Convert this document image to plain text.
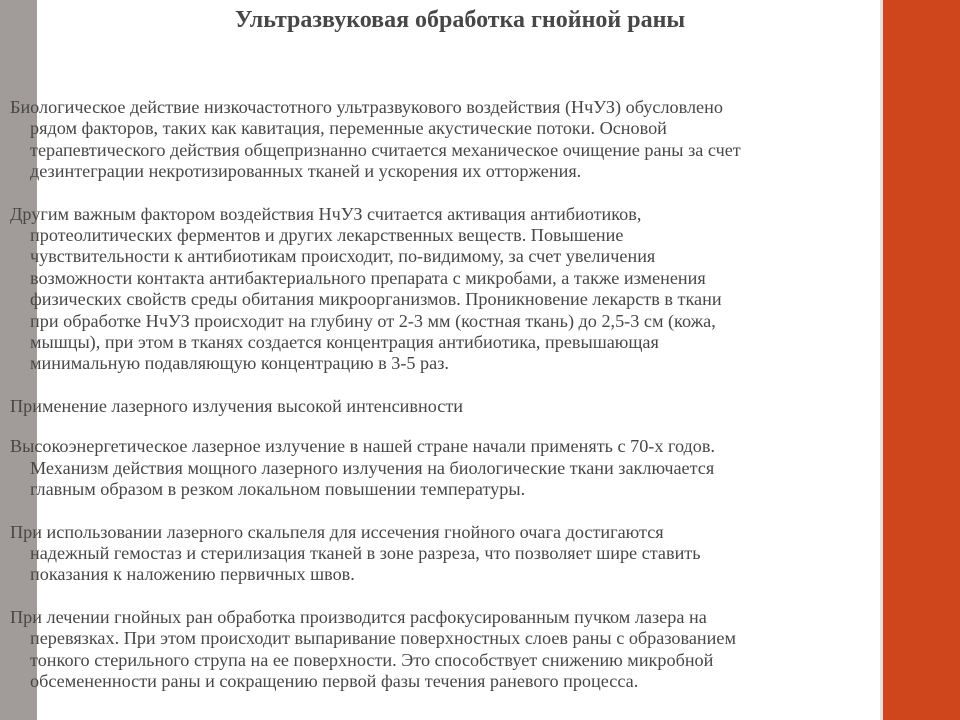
Ультразвуковая обработка гнойной раны

Биологическое действие низкочастотного ультразвукового воздействия (НчУЗ) обусловлено
рядом факторов, таких как кавитация, переменные акустические потоки. Основой
терапевтического действия общепризнанно считается механическое очищение раны за счет
дезинтеграции некротизированных тканей и ускорения их отторжения.

Другим важным фактором воздействия НчУЗ считается активация антибиотиков,
протеолитических ферментов и других лекарственных веществ. Повышение
чувствительности к антибиотикам происходит, по-видимому, за счет увеличения
возможности контакта антибактериального препарата с микробами, а также изменения
физических свойств среды обитания микроорганизмов. Проникновение лекарств в ткани
при обработке НчУЗ происходит на глубину от 2-3 мм (костная ткань) до 2,5-3 см (кожа,
мышцы), при этом в тканях создается концентрация антибиотика, превышающая
минимальную подавляющую концентрацию в 3-5 раз.

Применение лазерного излучения высокой интенсивности

Высокоэнергетическое лазерное излучение в нашей стране начали применять с 70-х годов.
Механизм действия мощного лазерного излучения на биологические ткани заключается
главным образом в резком локальном повышении температуры.

При использовании лазерного скальпеля для иссечения гнойного очага достигаются
надежный гемостаз и стерилизация тканей в зоне разреза, что позволяет шире ставить
показания к наложению первичных швов.

При лечении гнойных ран обработка производится расфокусированным пучком лазера на
перевязках. При этом происходит выпаривание поверхностных слоев раны с образованием
тонкого стерильного струпа на ее поверхности. Это способствует снижению микробной
обсемененности раны и сокращению первой фазы течения раневого процесса.
